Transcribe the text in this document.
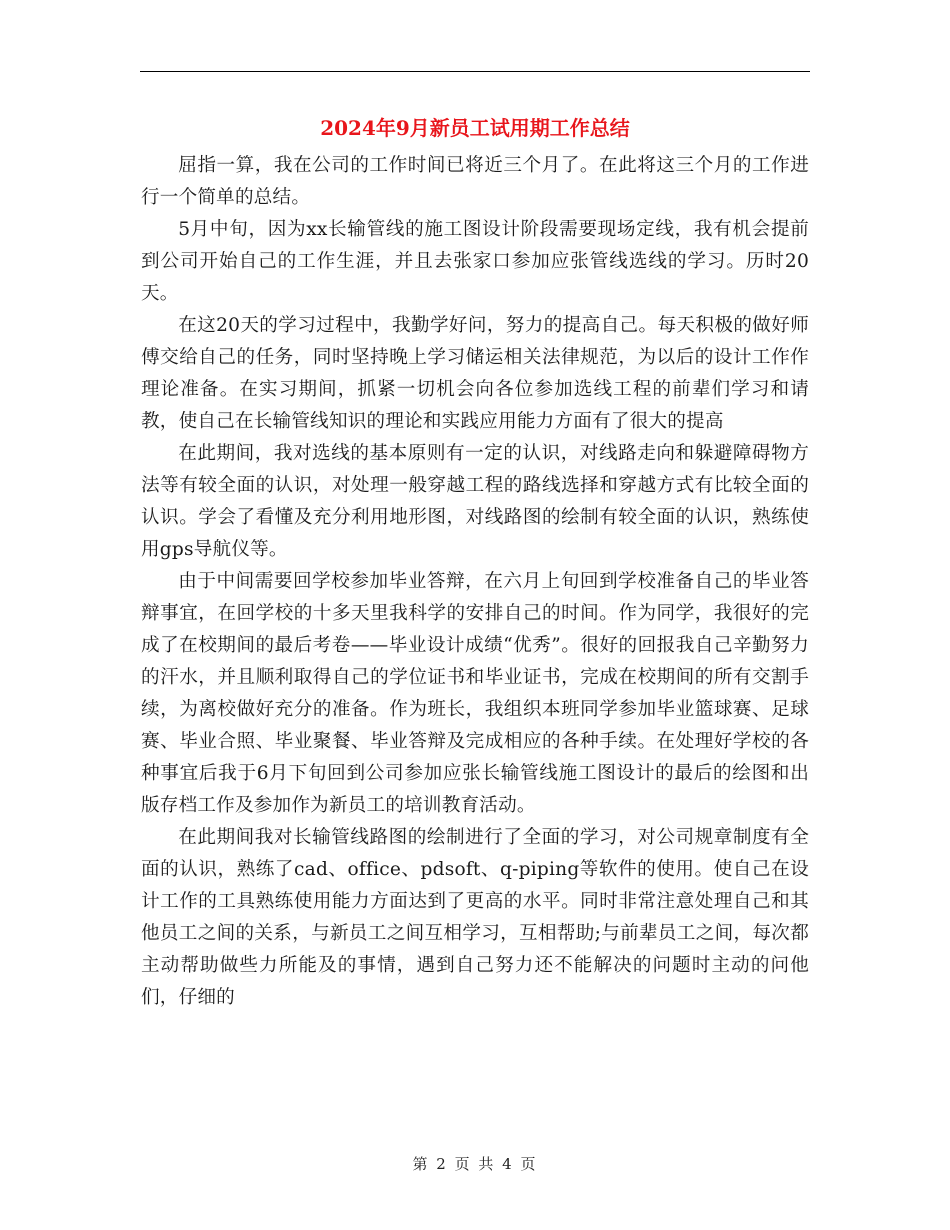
2024年9月新员工试用期工作总结

屈指一算，我在公司的工作时间已将近三个月了。在此将这三个月的工作进行一个简单的总结。

5月中旬，因为xx长输管线的施工图设计阶段需要现场定线，我有机会提前到公司开始自己的工作生涯，并且去张家口参加应张管线选线的学习。历时20天。

在这20天的学习过程中，我勤学好问，努力的提高自己。每天积极的做好师傅交给自己的任务，同时坚持晚上学习储运相关法律规范，为以后的设计工作作理论准备。在实习期间，抓紧一切机会向各位参加选线工程的前辈们学习和请教，使自己在长输管线知识的理论和实践应用能力方面有了很大的提高

在此期间，我对选线的基本原则有一定的认识，对线路走向和躲避障碍物方法等有较全面的认识，对处理一般穿越工程的路线选择和穿越方式有比较全面的认识。学会了看懂及充分利用地形图，对线路图的绘制有较全面的认识，熟练使用gps导航仪等。

由于中间需要回学校参加毕业答辩，在六月上旬回到学校准备自己的毕业答辩事宜，在回学校的十多天里我科学的安排自己的时间。作为同学，我很好的完成了在校期间的最后考卷——毕业设计成绩“优秀”。很好的回报我自己辛勤努力的汗水，并且顺利取得自己的学位证书和毕业证书，完成在校期间的所有交割手续，为离校做好充分的准备。作为班长，我组织本班同学参加毕业篮球赛、足球赛、毕业合照、毕业聚餐、毕业答辩及完成相应的各种手续。在处理好学校的各种事宜后我于6月下旬回到公司参加应张长输管线施工图设计的最后的绘图和出版存档工作及参加作为新员工的培训教育活动。

在此期间我对长输管线路图的绘制进行了全面的学习，对公司规章制度有全面的认识，熟练了cad、office、pdsoft、q-piping等软件的使用。使自己在设计工作的工具熟练使用能力方面达到了更高的水平。同时非常注意处理自己和其他员工之间的关系，与新员工之间互相学习，互相帮助;与前辈员工之间，每次都主动帮助做些力所能及的事情，遇到自己努力还不能解决的问题时主动的问他们，仔细的

第 2 页 共 4 页
